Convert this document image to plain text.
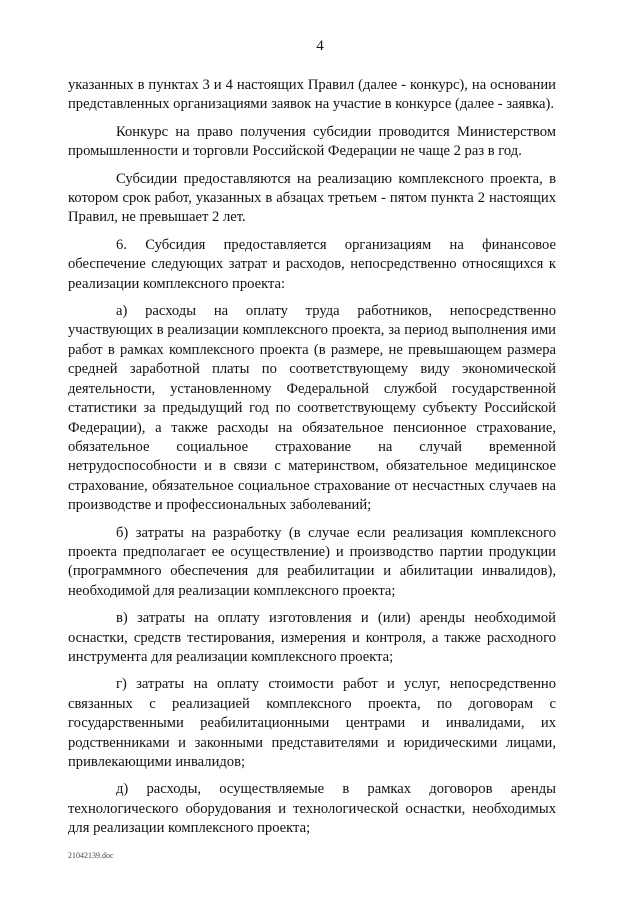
4

указанных в пунктах 3 и 4 настоящих Правил (далее - конкурс), на основании представленных организациями заявок на участие в конкурсе (далее - заявка).

Конкурс на право получения субсидии проводится Министерством промышленности и торговли Российской Федерации не чаще 2 раз в год.

Субсидии предоставляются на реализацию комплексного проекта, в котором срок работ, указанных в абзацах третьем - пятом пункта 2 настоящих Правил, не превышает 2 лет.

6. Субсидия предоставляется организациям на финансовое обеспечение следующих затрат и расходов, непосредственно относящихся к реализации комплексного проекта:

а) расходы на оплату труда работников, непосредственно участвующих в реализации комплексного проекта, за период выполнения ими работ в рамках комплексного проекта (в размере, не превышающем размера средней заработной платы по соответствующему виду экономической деятельности, установленному Федеральной службой государственной статистики за предыдущий год по соответствующему субъекту Российской Федерации), а также расходы на обязательное пенсионное страхование, обязательное социальное страхование на случай временной нетрудоспособности и в связи с материнством, обязательное медицинское страхование, обязательное социальное страхование от несчастных случаев на производстве и профессиональных заболеваний;

б) затраты на разработку (в случае если реализация комплексного проекта предполагает ее осуществление) и производство партии продукции (программного обеспечения для реабилитации и абилитации инвалидов), необходимой для реализации комплексного проекта;

в) затраты на оплату изготовления и (или) аренды необходимой оснастки, средств тестирования, измерения и контроля, а также расходного инструмента для реализации комплексного проекта;

г) затраты на оплату стоимости работ и услуг, непосредственно связанных с реализацией комплексного проекта, по договорам с государственными реабилитационными центрами и инвалидами, их родственниками и законными представителями и юридическими лицами, привлекающими инвалидов;

д) расходы, осуществляемые в рамках договоров аренды технологического оборудования и технологической оснастки, необходимых для реализации комплексного проекта;

21042139.doc
